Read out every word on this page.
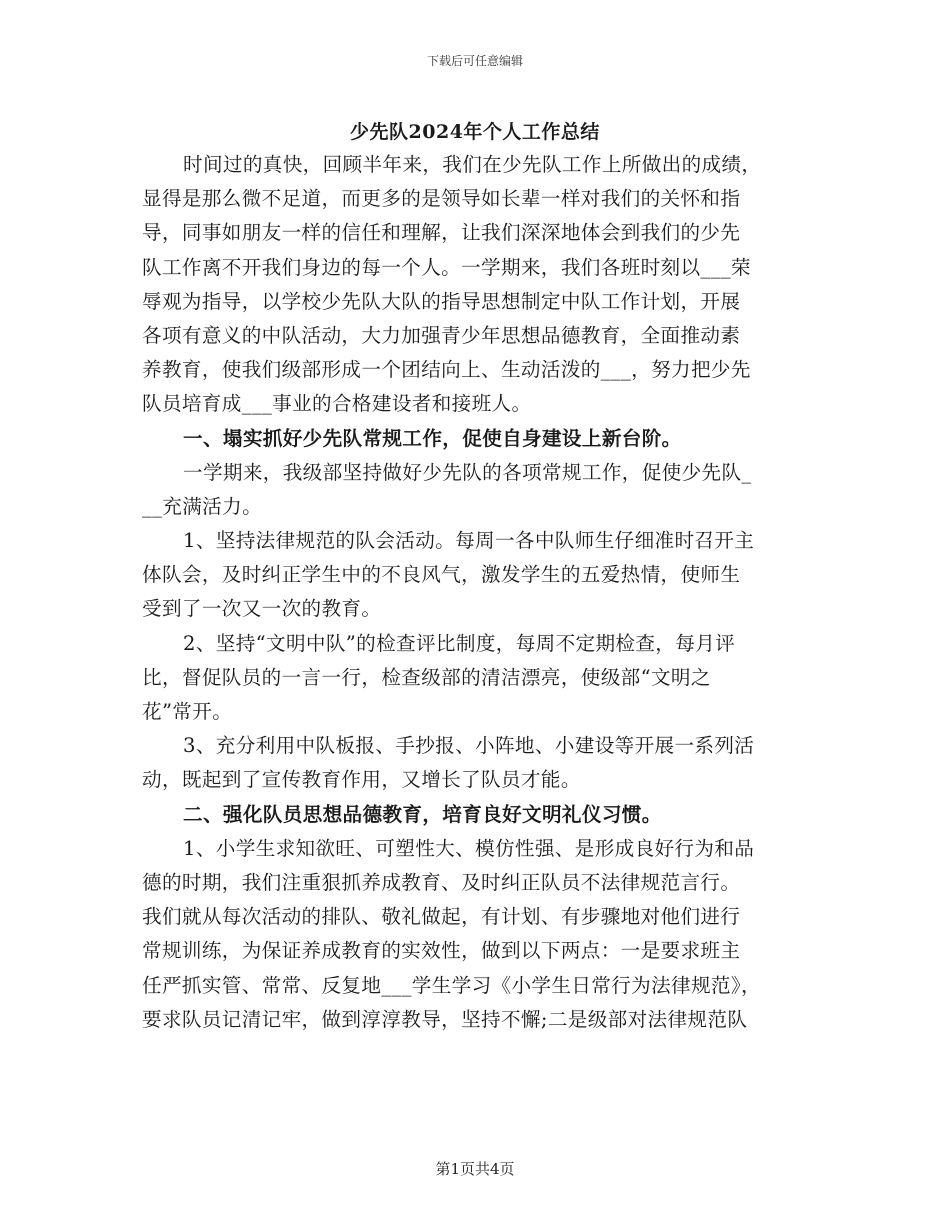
下载后可任意编辑
少先队2024年个人工作总结
时间过的真快，回顾半年来，我们在少先队工作上所做出的成绩，
显得是那么微不足道，而更多的是领导如长辈一样对我们的关怀和指
导，同事如朋友一样的信任和理解，让我们深深地体会到我们的少先
队工作离不开我们身边的每一个人。一学期来，我们各班时刻以___荣
辱观为指导，以学校少先队大队的指导思想制定中队工作计划，开展
各项有意义的中队活动，大力加强青少年思想品德教育，全面推动素
养教育，使我们级部形成一个团结向上、生动活泼的___，努力把少先
队员培育成___事业的合格建设者和接班人。
一、塌实抓好少先队常规工作，促使自身建设上新台阶。
一学期来，我级部坚持做好少先队的各项常规工作，促使少先队_
__充满活力。
1、坚持法律规范的队会活动。每周一各中队师生仔细准时召开主
体队会，及时纠正学生中的不良风气，激发学生的五爱热情，使师生
受到了一次又一次的教育。
2、坚持“文明中队”的检查评比制度，每周不定期检查，每月评
比，督促队员的一言一行，检查级部的清洁漂亮，使级部“文明之
花”常开。
3、充分利用中队板报、手抄报、小阵地、小建设等开展一系列活
动，既起到了宣传教育作用，又增长了队员才能。
二、强化队员思想品德教育，培育良好文明礼仪习惯。
1、小学生求知欲旺、可塑性大、模仿性强、是形成良好行为和品
德的时期，我们注重狠抓养成教育、及时纠正队员不法律规范言行。
我们就从每次活动的排队、敬礼做起，有计划、有步骤地对他们进行
常规训练，为保证养成教育的实效性，做到以下两点：一是要求班主
任严抓实管、常常、反复地___学生学习《小学生日常行为法律规范》，
要求队员记清记牢，做到淳淳教导，坚持不懈;二是级部对法律规范队
第1页共4页
